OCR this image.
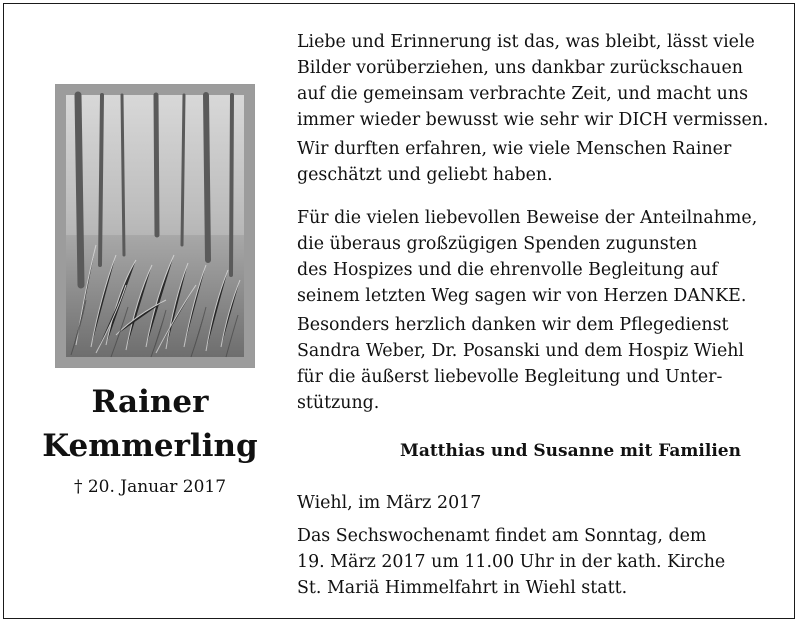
Rainer
Kemmerling
† 20. Januar 2017

Liebe und Erinnerung ist das, was bleibt, lässt viele
Bilder vorüberziehen, uns dankbar zurückschauen
auf die gemeinsam verbrachte Zeit, und macht uns
immer wieder bewusst wie sehr wir DICH vermissen.

Wir durften erfahren, wie viele Menschen Rainer
geschätzt und geliebt haben.

Für die vielen liebevollen Beweise der Anteilnahme,
die überaus großzügigen Spenden zugunsten
des Hospizes und die ehrenvolle Begleitung auf
seinem letzten Weg sagen wir von Herzen DANKE.

Besonders herzlich danken wir dem Pflegedienst
Sandra Weber, Dr. Posanski und dem Hospiz Wiehl
für die äußerst liebevolle Begleitung und Unter-
stützung.

Matthias und Susanne mit Familien

Wiehl, im März 2017

Das Sechswochenamt findet am Sonntag, dem
19. März 2017 um 11.00 Uhr in der kath. Kirche
St. Mariä Himmelfahrt in Wiehl statt.
